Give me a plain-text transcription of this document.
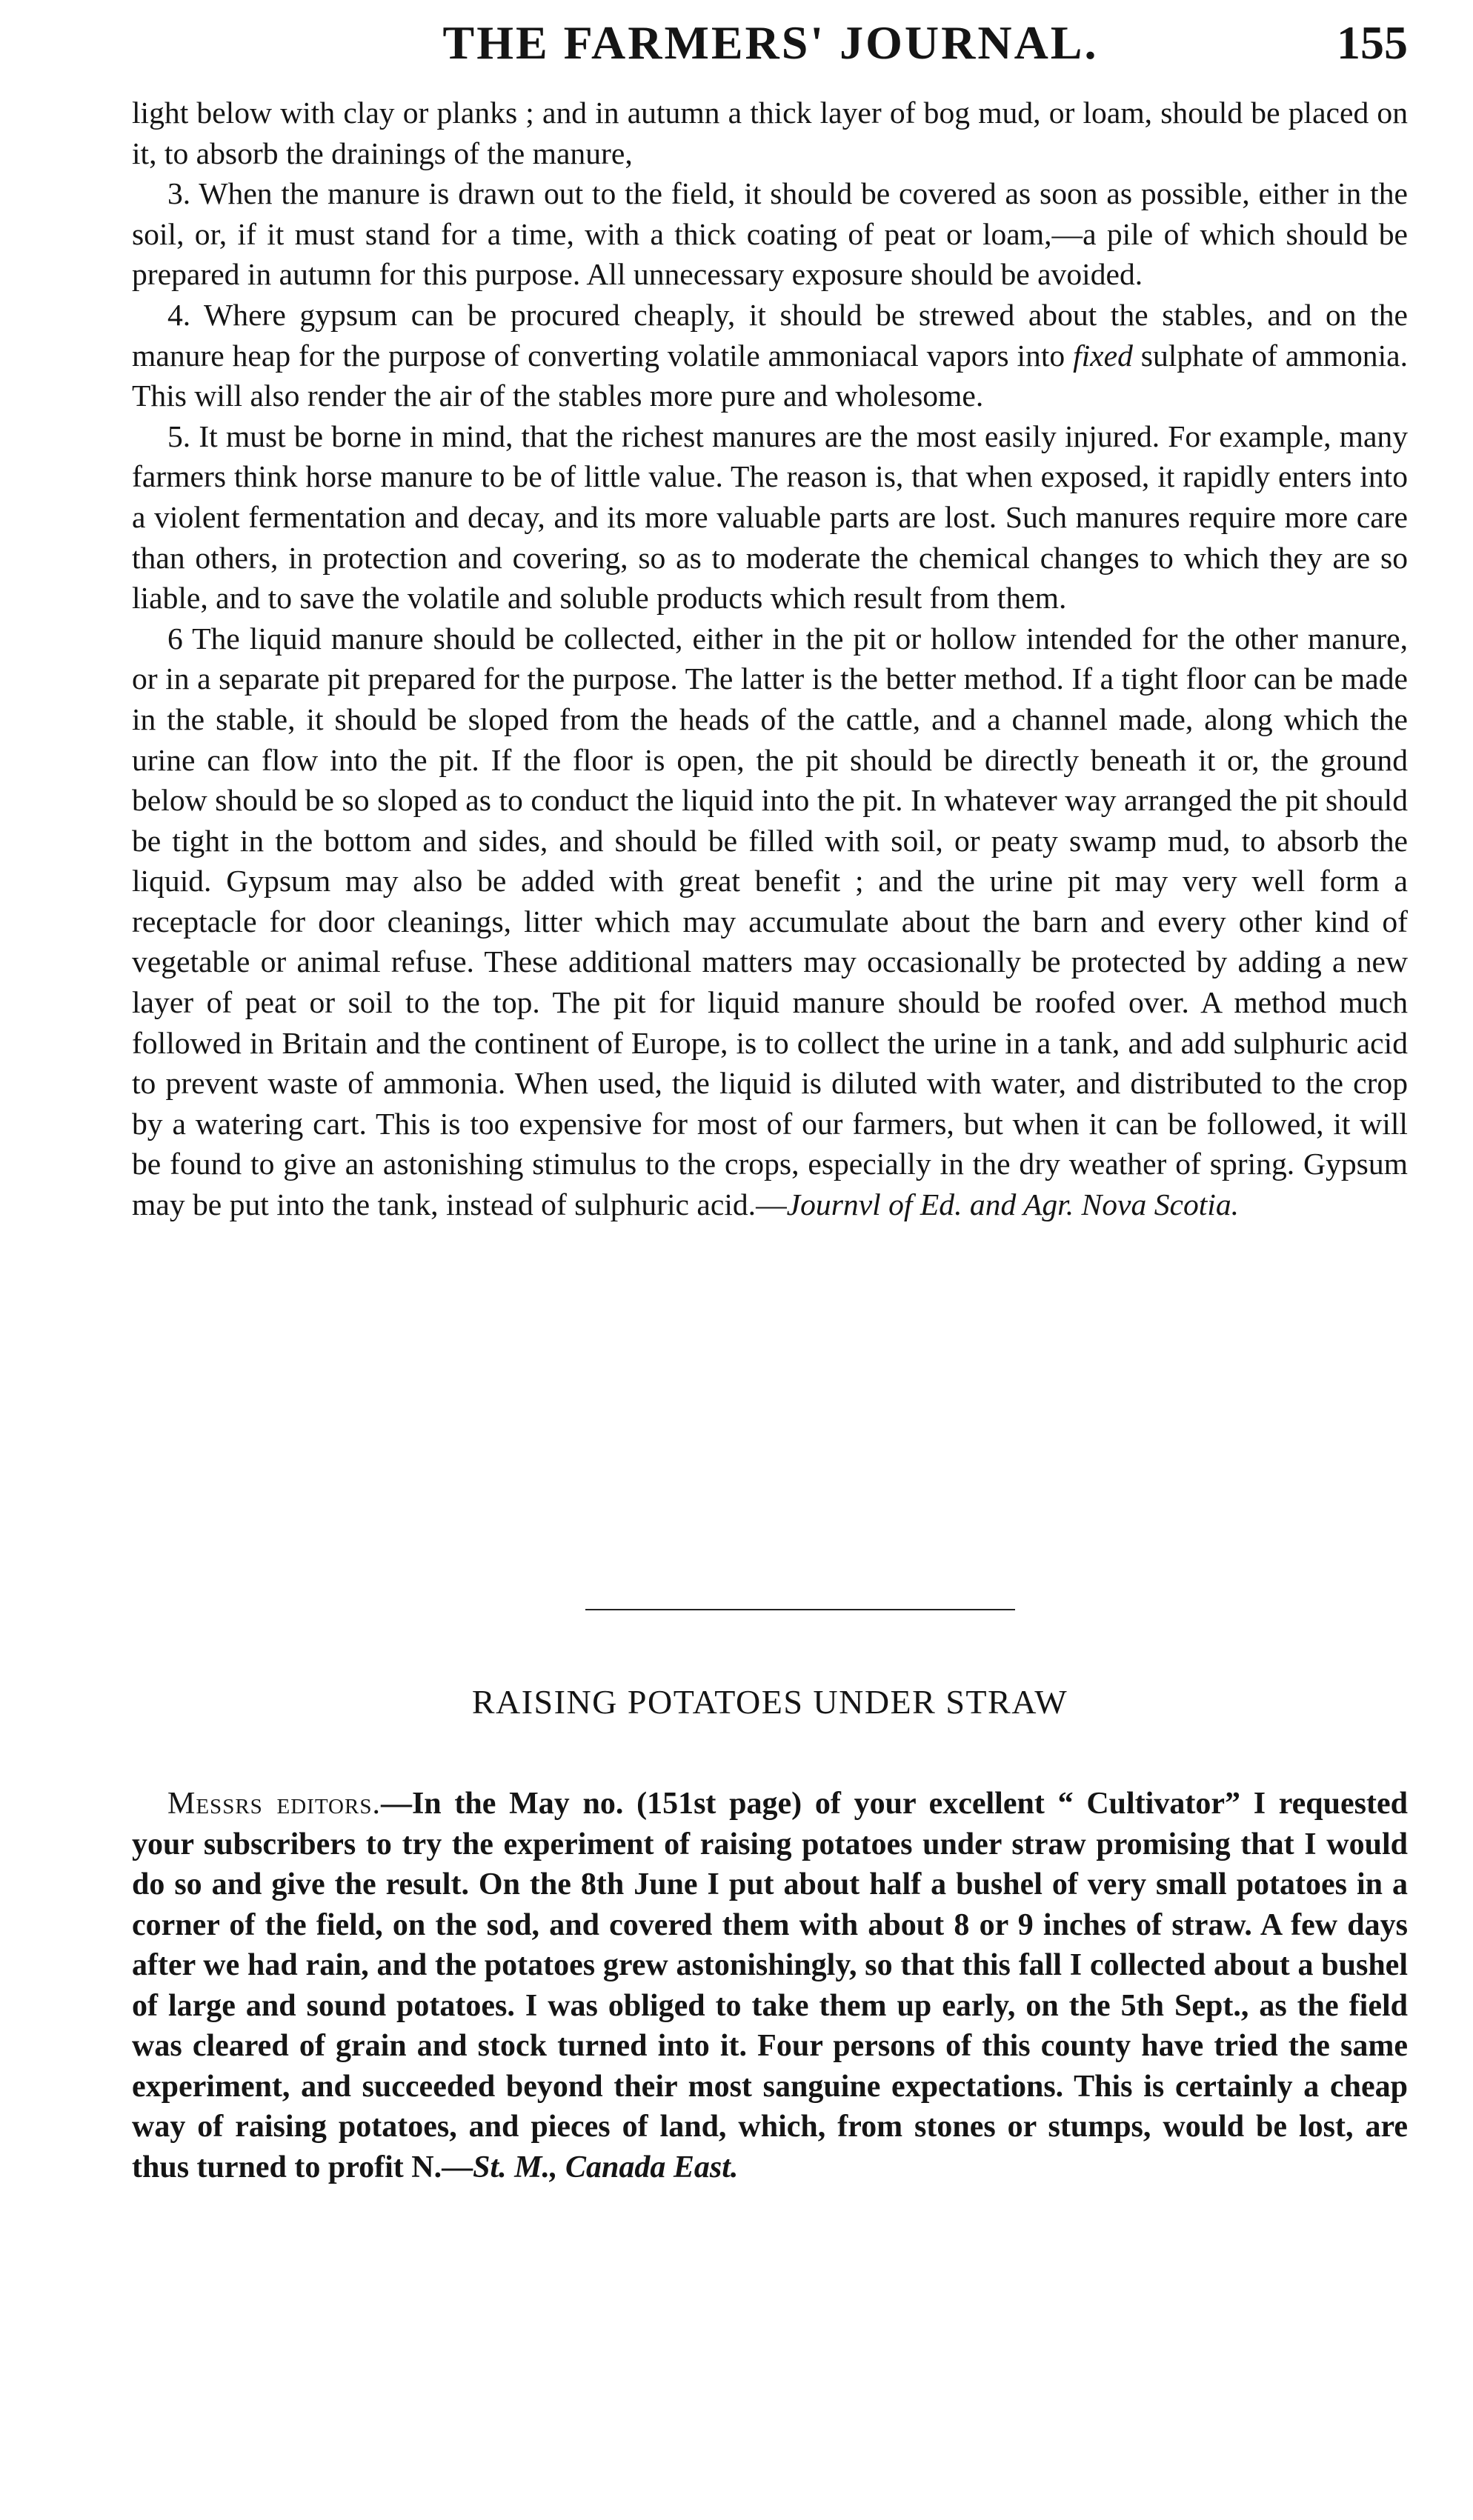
THE FARMERS' JOURNAL.	155

light below with clay or planks ; and in autumn a thick layer of bog mud, or loam, should be placed on it, to absorb the drainings of the manure,

3. When the manure is drawn out to the field, it should be covered as soon as possible, either in the soil, or, if it must stand for a time, with a thick coating of peat or loam,—a pile of which should be prepared in autumn for this purpose. All unnecessary exposure should be avoided.

4. Where gypsum can be procured cheaply, it should be strewed about the stables, and on the manure heap for the purpose of converting volatile ammoniacal vapors into fixed sulphate of ammonia. This will also render the air of the stables more pure and wholesome.

5. It must be borne in mind, that the richest manures are the most easily injured. For example, many farmers think horse manure to be of little value. The reason is, that when exposed, it rapidly enters into a violent fermentation and decay, and its more valuable parts are lost. Such manures require more care than others, in protection and covering, so as to moderate the chemical changes to which they are so liable, and to save the volatile and soluble products which result from them.

6 The liquid manure should be collected, either in the pit or hollow intended for the other manure, or in a separate pit prepared for the purpose. The latter is the better method. If a tight floor can be made in the stable, it should be sloped from the heads of the cattle, and a channel made, along which the urine can flow into the pit. If the floor is open, the pit should be directly beneath it or, the ground below should be so sloped as to conduct the liquid into the pit. In whatever way arranged the pit should be tight in the bottom and sides, and should be filled with soil, or peaty swamp mud, to absorb the liquid. Gypsum may also be added with great benefit ; and the urine pit may very well form a receptacle for door cleanings, litter which may accumulate about the barn and every other kind of vegetable or animal refuse. These additional matters may occasionally be protected by adding a new layer of peat or soil to the top. The pit for liquid manure should be roofed over. A method much followed in Britain and the continent of Europe, is to collect the urine in a tank, and add sulphuric acid to prevent waste of ammonia. When used, the liquid is diluted with water, and distributed to the crop by a watering cart. This is too expensive for most of our farmers, but when it can be followed, it will be found to give an astonishing stimulus to the crops, especially in the dry weather of spring. Gypsum may be put into the tank, instead of sulphuric acid.—Journvl of Ed. and Agr. Nova Scotia.

RAISING POTATOES UNDER STRAW

Messrs editors.—In the May no. (151st page) of your excellent “ Cultivator” I requested your subscribers to try the experiment of raising potatoes under straw promising that I would do so and give the result. On the 8th June I put about half a bushel of very small potatoes in a corner of the field, on the sod, and covered them with about 8 or 9 inches of straw. A few days after we had rain, and the potatoes grew astonishingly, so that this fall I collected about a bushel of large and sound potatoes. I was obliged to take them up early, on the 5th Sept., as the field was cleared of grain and stock turned into it. Four persons of this county have tried the same experiment, and succeeded beyond their most sanguine expectations. This is certainly a cheap way of raising potatoes, and pieces of land, which, from stones or stumps, would be lost, are thus turned to profit N.—St. M., Canada East.
